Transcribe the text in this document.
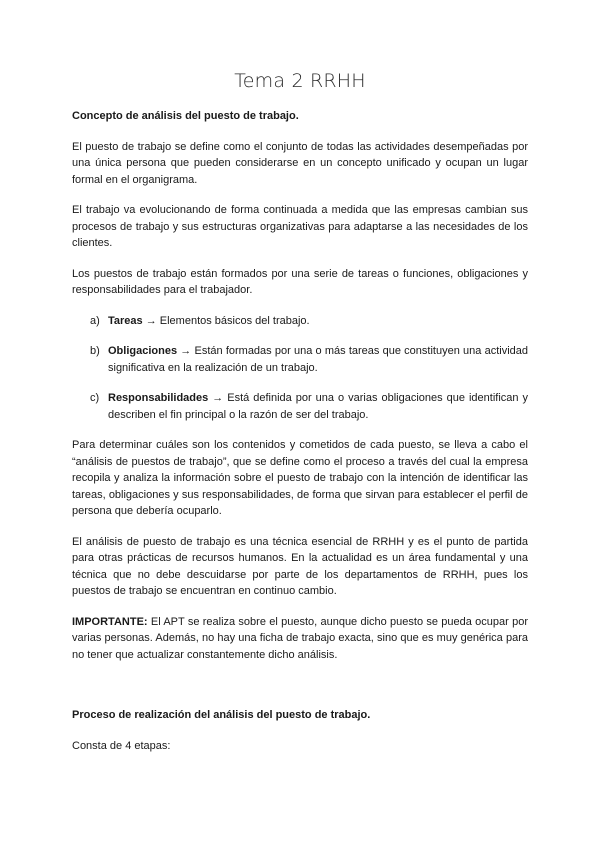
Tema 2 RRHH
Concepto de análisis del puesto de trabajo.

El puesto de trabajo se define como el conjunto de todas las actividades desempeñadas por una única persona que pueden considerarse en un concepto unificado y ocupan un lugar formal en el organigrama.

El trabajo va evolucionando de forma continuada a medida que las empresas cambian sus procesos de trabajo y sus estructuras organizativas para adaptarse a las necesidades de los clientes.

Los puestos de trabajo están formados por una serie de tareas o funciones, obligaciones y responsabilidades para el trabajador.

a) Tareas → Elementos básicos del trabajo.
b) Obligaciones → Están formadas por una o más tareas que constituyen una actividad significativa en la realización de un trabajo.
c) Responsabilidades → Está definida por una o varias obligaciones que identifican y describen el fin principal o la razón de ser del trabajo.

Para determinar cuáles son los contenidos y cometidos de cada puesto, se lleva a cabo el “análisis de puestos de trabajo”, que se define como el proceso a través del cual la empresa recopila y analiza la información sobre el puesto de trabajo con la intención de identificar las tareas, obligaciones y sus responsabilidades, de forma que sirvan para establecer el perfil de persona que debería ocuparlo.

El análisis de puesto de trabajo es una técnica esencial de RRHH y es el punto de partida para otras prácticas de recursos humanos. En la actualidad es un área fundamental y una técnica que no debe descuidarse por parte de los departamentos de RRHH, pues los puestos de trabajo se encuentran en continuo cambio.

IMPORTANTE: El APT se realiza sobre el puesto, aunque dicho puesto se pueda ocupar por varias personas. Además, no hay una ficha de trabajo exacta, sino que es muy genérica para no tener que actualizar constantemente dicho análisis.

Proceso de realización del análisis del puesto de trabajo.

Consta de 4 etapas:
